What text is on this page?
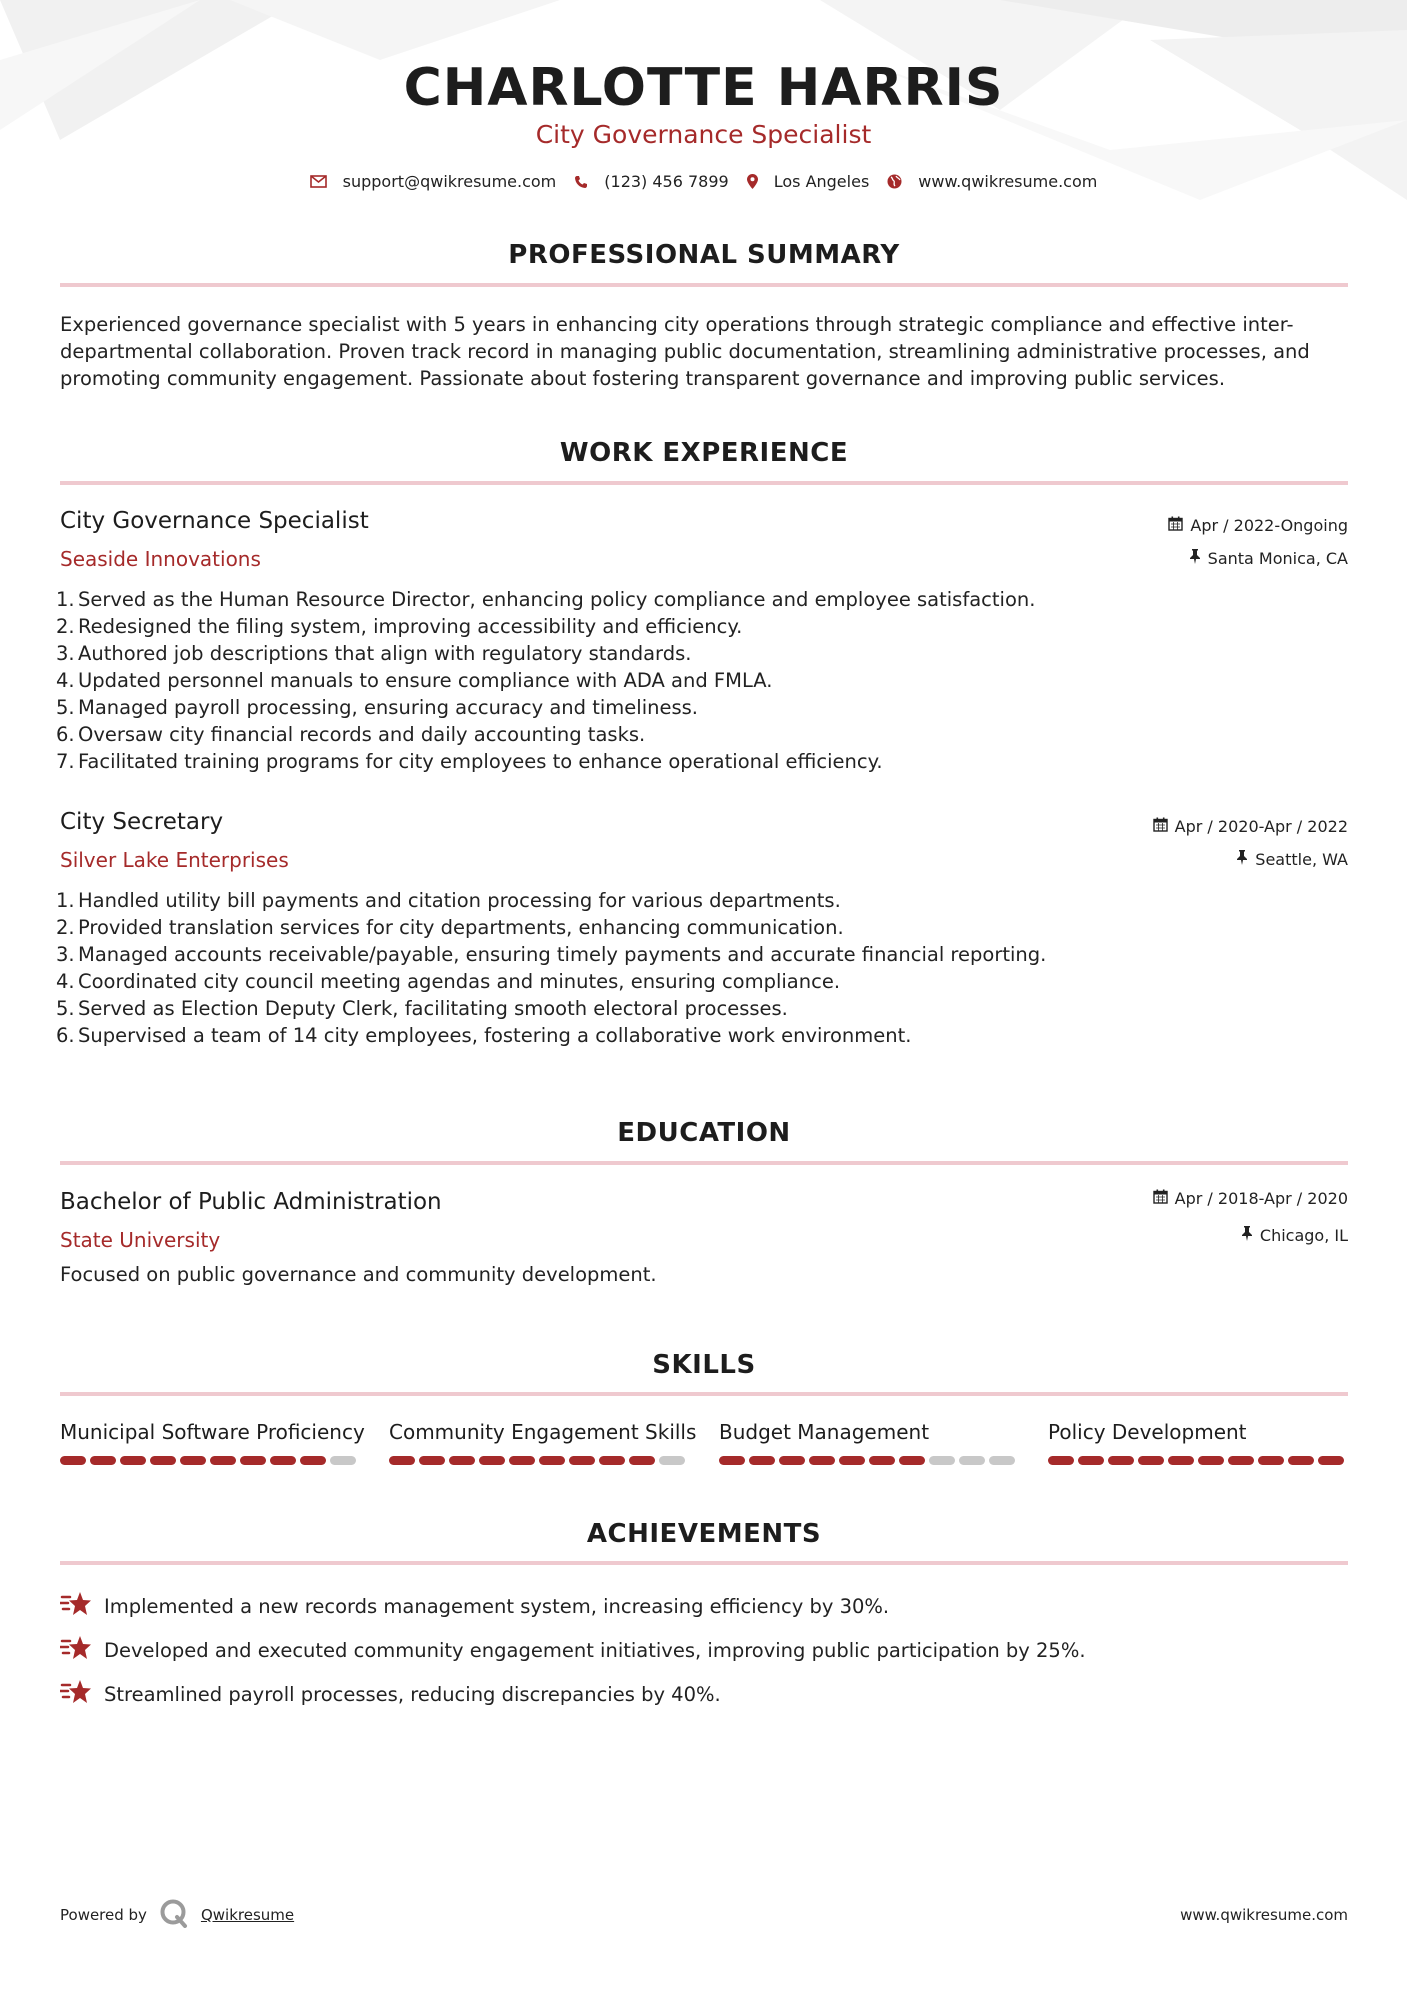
CHARLOTTE HARRIS
City Governance Specialist
support@qwikresume.com	(123) 456 7899	Los Angeles	www.qwikresume.com
PROFESSIONAL SUMMARY
Experienced governance specialist with 5 years in enhancing city operations through strategic compliance and effective inter-
departmental collaboration. Proven track record in managing public documentation, streamlining administrative processes, and
promoting community engagement. Passionate about fostering transparent governance and improving public services.
WORK EXPERIENCE
City Governance Specialist
Seaside Innovations
Apr / 2022-Ongoing
Santa Monica, CA
1. Served as the Human Resource Director, enhancing policy compliance and employee satisfaction.
2. Redesigned the filing system, improving accessibility and efficiency.
3. Authored job descriptions that align with regulatory standards.
4. Updated personnel manuals to ensure compliance with ADA and FMLA.
5. Managed payroll processing, ensuring accuracy and timeliness.
6. Oversaw city financial records and daily accounting tasks.
7. Facilitated training programs for city employees to enhance operational efficiency.
City Secretary
Silver Lake Enterprises
Apr / 2020-Apr / 2022
Seattle, WA
1. Handled utility bill payments and citation processing for various departments.
2. Provided translation services for city departments, enhancing communication.
3. Managed accounts receivable/payable, ensuring timely payments and accurate financial reporting.
4. Coordinated city council meeting agendas and minutes, ensuring compliance.
5. Served as Election Deputy Clerk, facilitating smooth electoral processes.
6. Supervised a team of 14 city employees, fostering a collaborative work environment.
EDUCATION
Bachelor of Public Administration
State University
Apr / 2018-Apr / 2020
Chicago, IL
Focused on public governance and community development.
SKILLS
Municipal Software Proficiency Community Engagement Skills Budget Management	Policy Development
ACHIEVEMENTS
Implemented a new records management system, increasing efficiency by 30%.
Developed and executed community engagement initiatives, improving public participation by 25%.
Streamlined payroll processes, reducing discrepancies by 40%.
Powered by	Qwikresume	www.qwikresume.com
